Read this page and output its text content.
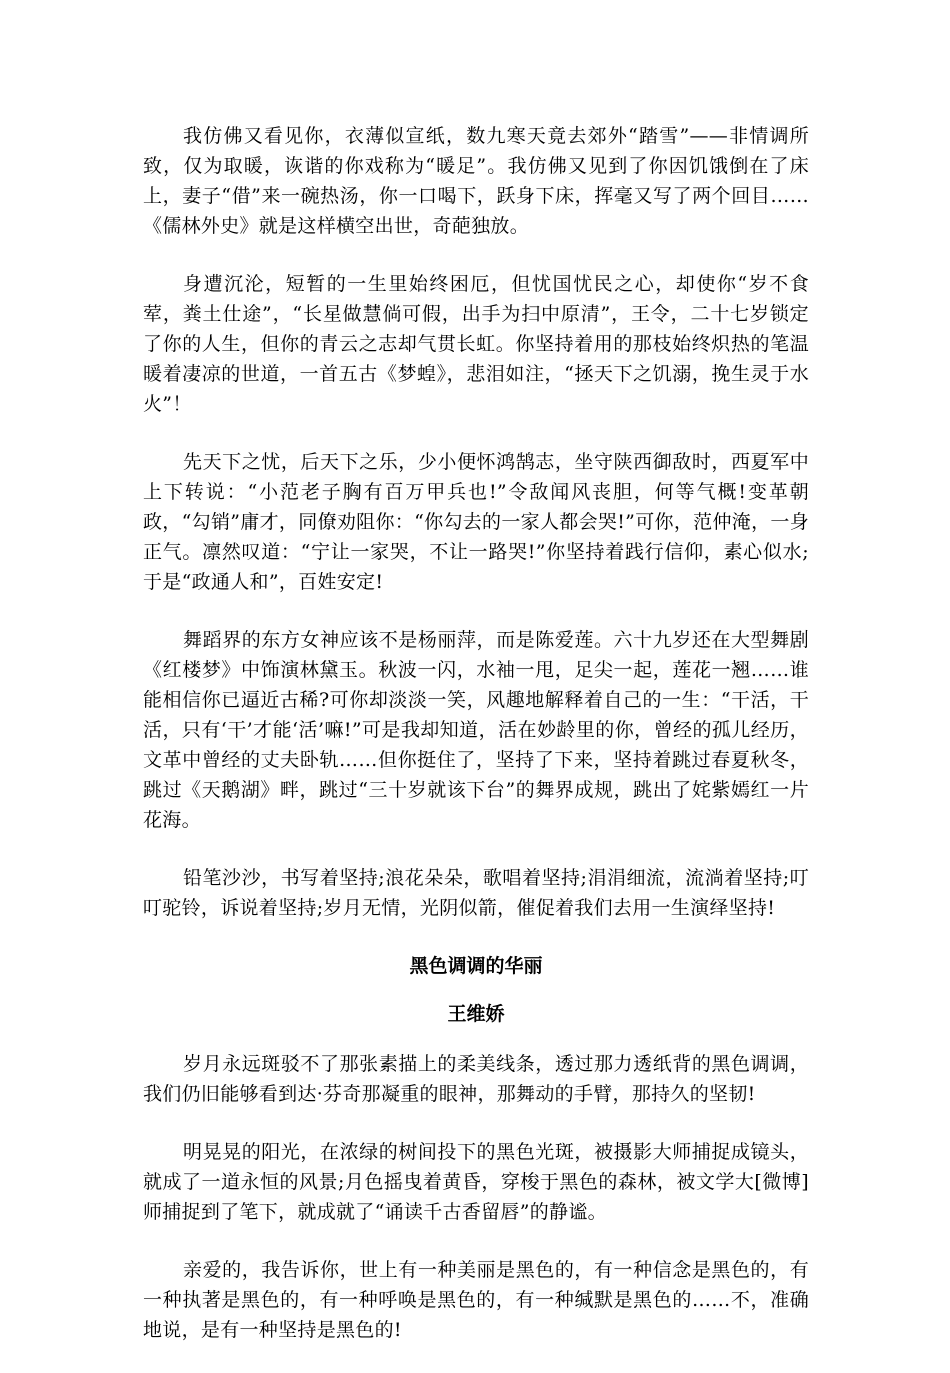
我仿佛又看见你，衣薄似宣纸，数九寒天竟去郊外“踏雪”——非情调所致，仅为取暖，诙谐的你戏称为“暖足”。我仿佛又见到了你因饥饿倒在了床上，妻子“借”来一碗热汤，你一口喝下，跃身下床，挥毫又写了两个回目……《儒林外史》就是这样横空出世，奇葩独放。

身遭沉沦，短暂的一生里始终困厄，但忧国忧民之心，却使你“岁不食荤，粪土仕途”，“长星做慧倘可假，出手为扫中原清”，王令，二十七岁锁定了你的人生，但你的青云之志却气贯长虹。你坚持着用的那枝始终炽热的笔温暖着凄凉的世道，一首五古《梦蝗》，悲泪如注，“拯天下之饥溺，挽生灵于水火”！

先天下之忧，后天下之乐，少小便怀鸿鹄志，坐守陕西御敌时，西夏军中上下转说：“小范老子胸有百万甲兵也!”令敌闻风丧胆，何等气概!变革朝政，“勾销”庸才，同僚劝阻你：“你勾去的一家人都会哭!”可你，范仲淹，一身正气。凛然叹道：“宁让一家哭，不让一路哭!”你坚持着践行信仰，素心似水;于是“政通人和”，百姓安定!

舞蹈界的东方女神应该不是杨丽萍，而是陈爱莲。六十九岁还在大型舞剧《红楼梦》中饰演林黛玉。秋波一闪，水袖一甩，足尖一起，莲花一翘……谁能相信你已逼近古稀?可你却淡淡一笑，风趣地解释着自己的一生：“干活，干活，只有‘干’才能‘活’嘛!”可是我却知道，活在妙龄里的你，曾经的孤儿经历，文革中曾经的丈夫卧轨……但你挺住了，坚持了下来，坚持着跳过春夏秋冬，跳过《天鹅湖》畔，跳过“三十岁就该下台”的舞界成规，跳出了姹紫嫣红一片花海。

铅笔沙沙，书写着坚持;浪花朵朵，歌唱着坚持;涓涓细流，流淌着坚持;叮叮驼铃，诉说着坚持;岁月无情，光阴似箭，催促着我们去用一生演绎坚持!

黑色调调的华丽
王维娇

岁月永远斑驳不了那张素描上的柔美线条，透过那力透纸背的黑色调调，我们仍旧能够看到达·芬奇那凝重的眼神，那舞动的手臂，那持久的坚韧!

明晃晃的阳光，在浓绿的树间投下的黑色光斑，被摄影大师捕捉成镜头，就成了一道永恒的风景;月色摇曳着黄昏，穿梭于黑色的森林，被文学大[微博]师捕捉到了笔下，就成就了“诵读千古香留唇”的静谧。

亲爱的，我告诉你，世上有一种美丽是黑色的，有一种信念是黑色的，有一种执著是黑色的，有一种呼唤是黑色的，有一种缄默是黑色的……不，准确地说，是有一种坚持是黑色的!
